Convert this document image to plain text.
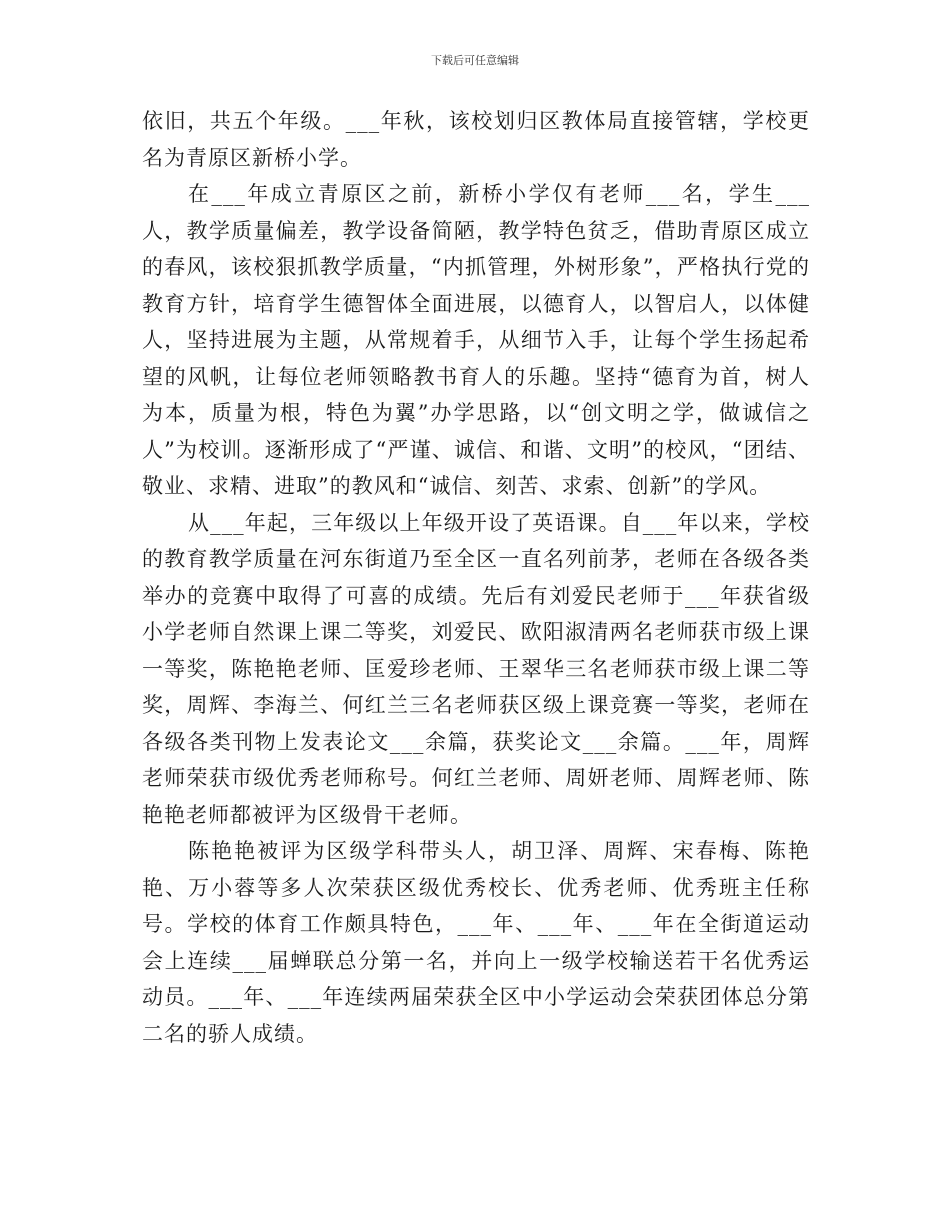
下载后可任意编辑

依旧，共五个年级。___年秋，该校划归区教体局直接管辖，学校更名为青原区新桥小学。

在___年成立青原区之前，新桥小学仅有老师___名，学生___人，教学质量偏差，教学设备简陋，教学特色贫乏，借助青原区成立的春风，该校狠抓教学质量，“内抓管理，外树形象”，严格执行党的教育方针，培育学生德智体全面进展，以德育人，以智启人，以体健人，坚持进展为主题，从常规着手，从细节入手，让每个学生扬起希望的风帆，让每位老师领略教书育人的乐趣。坚持“德育为首，树人为本，质量为根，特色为翼”办学思路，以“创文明之学，做诚信之人”为校训。逐渐形成了“严谨、诚信、和谐、文明”的校风，“团结、敬业、求精、进取”的教风和“诚信、刻苦、求索、创新”的学风。

从___年起，三年级以上年级开设了英语课。自___年以来，学校的教育教学质量在河东街道乃至全区一直名列前茅，老师在各级各类举办的竞赛中取得了可喜的成绩。先后有刘爱民老师于___年获省级小学老师自然课上课二等奖，刘爱民、欧阳淑清两名老师获市级上课一等奖，陈艳艳老师、匡爱珍老师、王翠华三名老师获市级上课二等奖，周辉、李海兰、何红兰三名老师获区级上课竞赛一等奖，老师在各级各类刊物上发表论文___余篇，获奖论文___余篇。___年，周辉老师荣获市级优秀老师称号。何红兰老师、周妍老师、周辉老师、陈艳艳老师都被评为区级骨干老师。

陈艳艳被评为区级学科带头人，胡卫泽、周辉、宋春梅、陈艳艳、万小蓉等多人次荣获区级优秀校长、优秀老师、优秀班主任称号。学校的体育工作颇具特色，___年、___年、___年在全街道运动会上连续___届蝉联总分第一名，并向上一级学校输送若干名优秀运动员。___年、___年连续两届荣获全区中小学运动会荣获团体总分第二名的骄人成绩。
